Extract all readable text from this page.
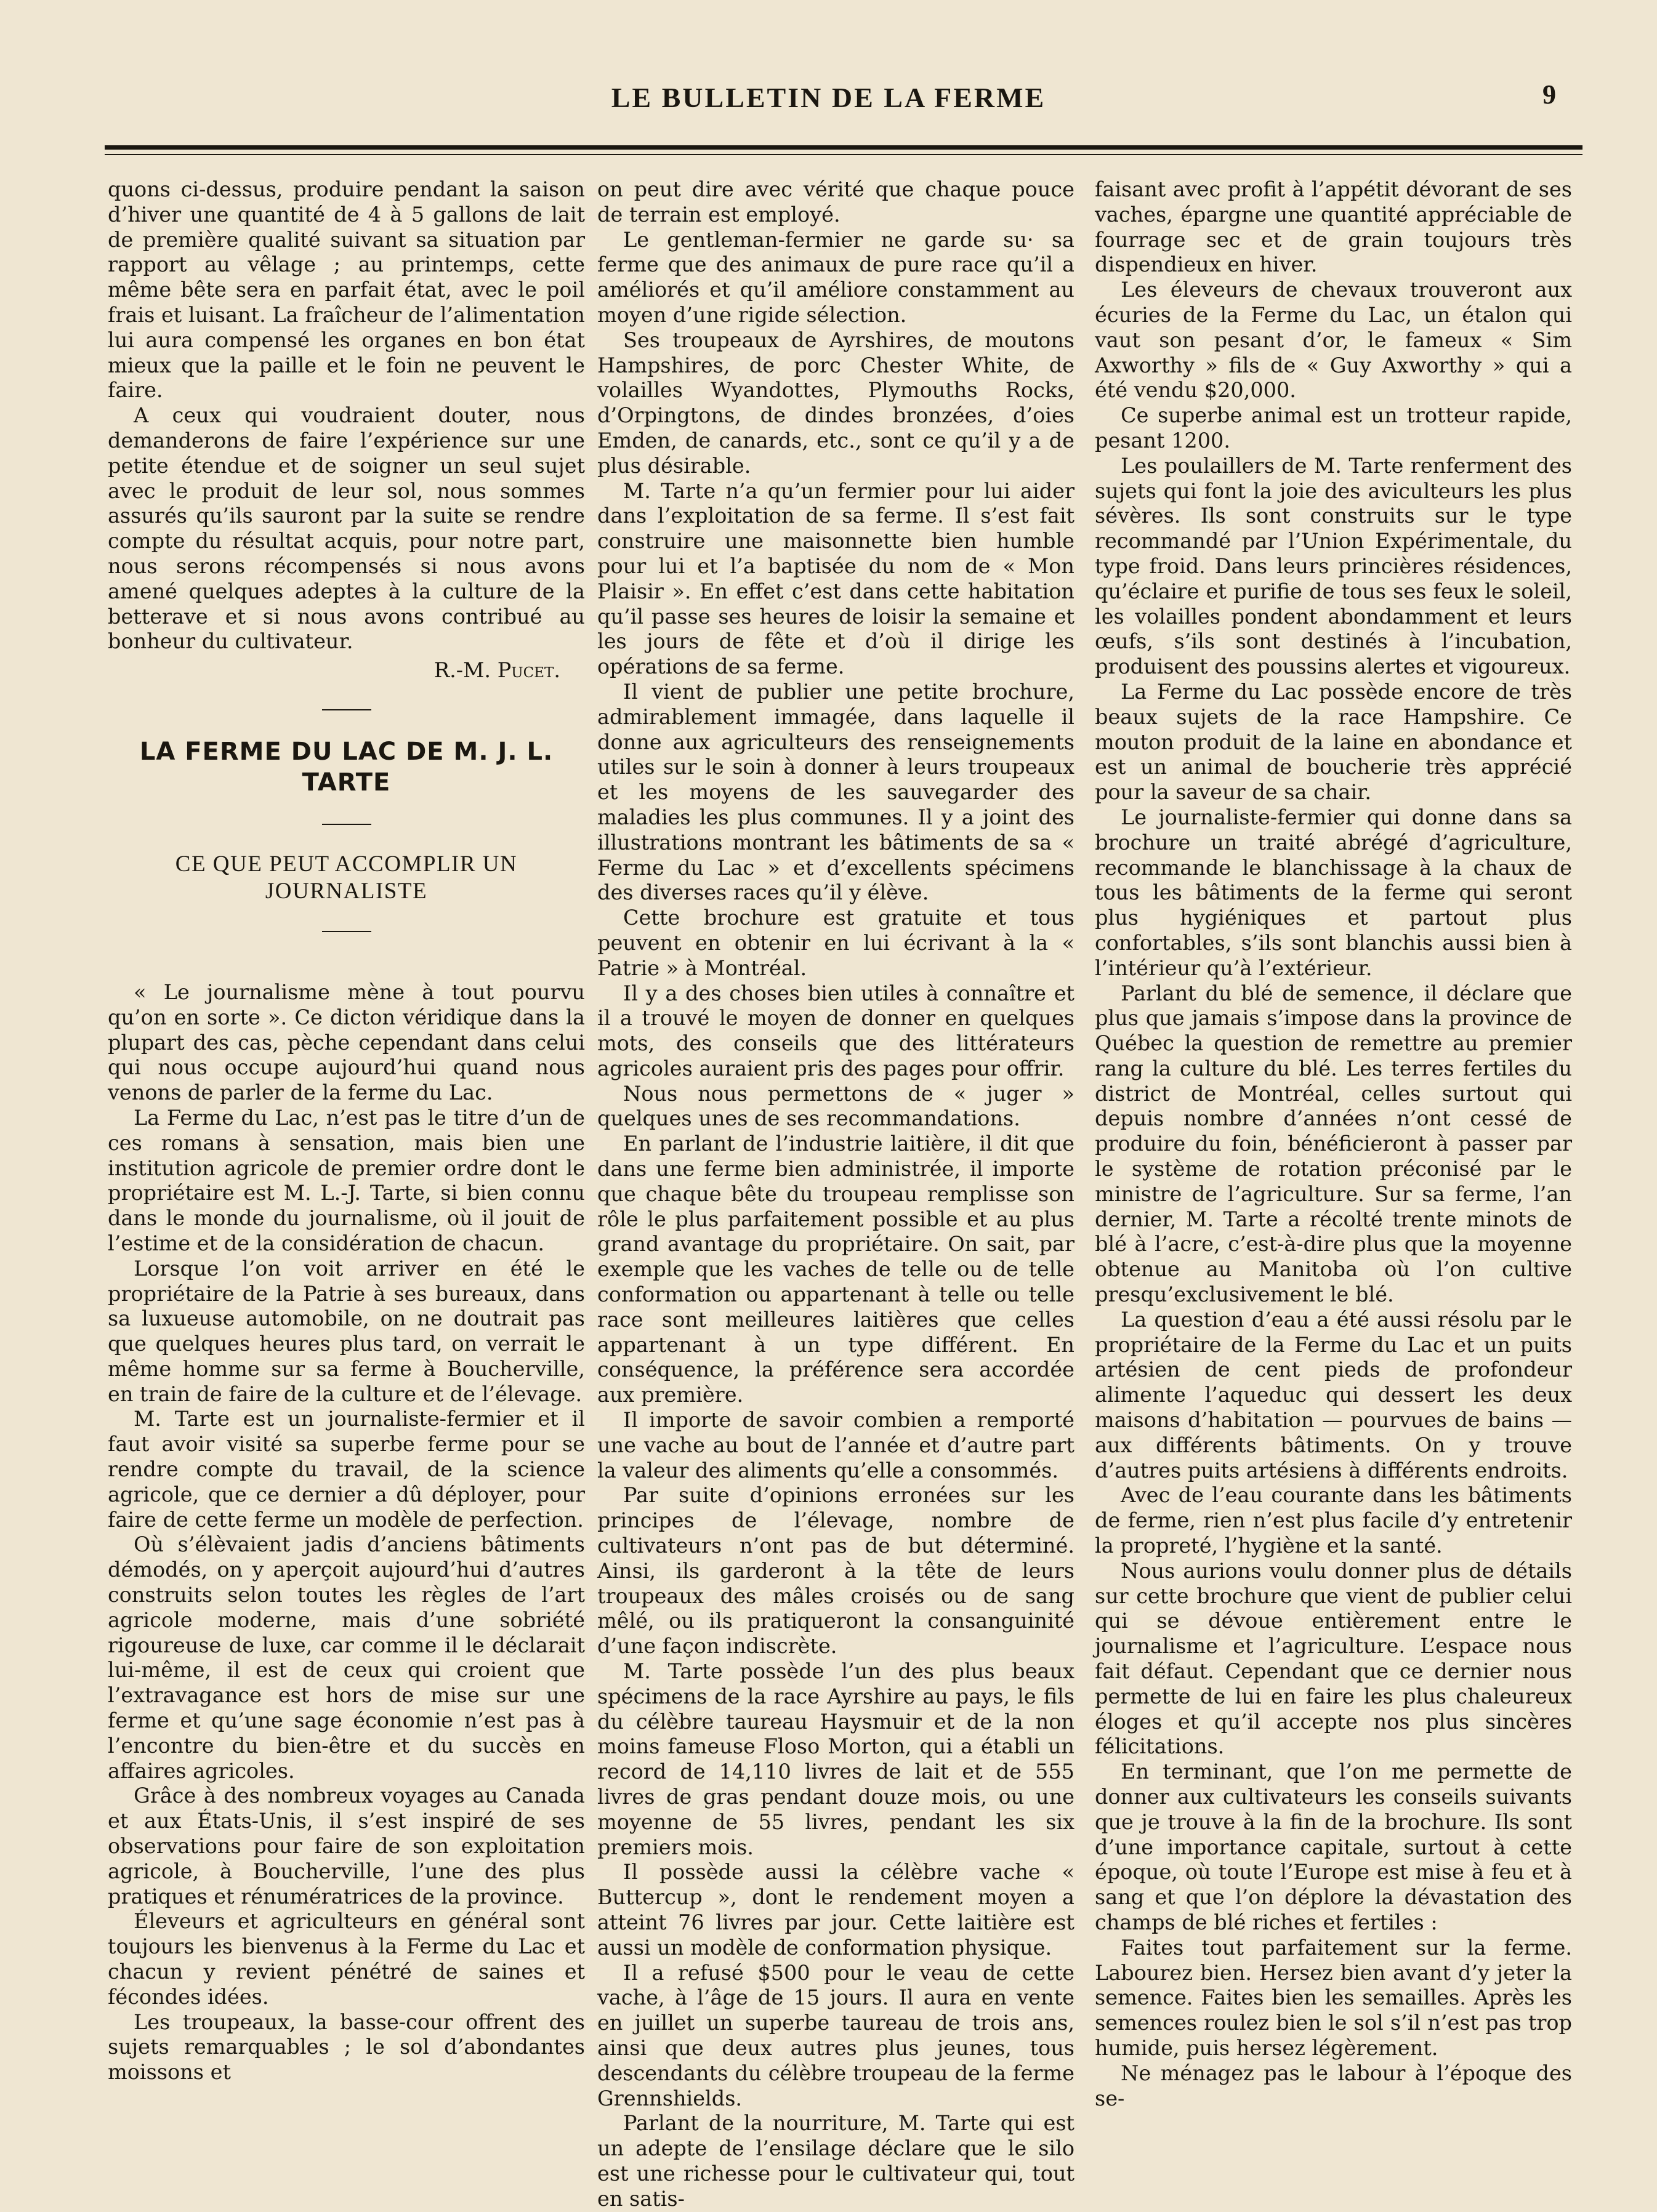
LE BULLETIN DE LA FERME	9

quons ci-dessus, produire pendant la saison d’hiver une quantité de 4 à 5 gallons de lait de première qualité suivant sa situation par rapport au vêlage ; au printemps, cette même bête sera en parfait état, avec le poil frais et luisant. La fraîcheur de l’alimentation lui aura compensé les organes en bon état mieux que la paille et le foin ne peuvent le faire.

A ceux qui voudraient douter, nous demanderons de faire l’expérience sur une petite étendue et de soigner un seul sujet avec le produit de leur sol, nous sommes assurés qu’ils sauront par la suite se rendre compte du résultat acquis, pour notre part, nous serons récompensés si nous avons amené quelques adeptes à la culture de la betterave et si nous avons contribué au bonheur du cultivateur.

R.-M. Pucet.
LA FERME DU LAC DE M. J. L. TARTE
CE QUE PEUT ACCOMPLIR UN JOURNALISTE

« Le journalisme mène à tout pourvu qu’on en sorte ». Ce dicton véridique dans la plupart des cas, pèche cependant dans celui qui nous occupe aujourd’hui quand nous venons de parler de la ferme du Lac.

La Ferme du Lac, n’est pas le titre d’un de ces romans à sensation, mais bien une institution agricole de premier ordre dont le propriétaire est M. L.-J. Tarte, si bien connu dans le monde du journalisme, où il jouit de l’estime et de la considération de chacun.

Lorsque l’on voit arriver en été le propriétaire de la Patrie à ses bureaux, dans sa luxueuse automobile, on ne doutrait pas que quelques heures plus tard, on verrait le même homme sur sa ferme à Boucherville, en train de faire de la culture et de l’élevage.

M. Tarte est un journaliste-fermier et il faut avoir visité sa superbe ferme pour se rendre compte du travail, de la science agricole, que ce dernier a dû déployer, pour faire de cette ferme un modèle de perfection.

Où s’élèvaient jadis d’anciens bâtiments démodés, on y aperçoit aujourd’hui d’autres construits selon toutes les règles de l’art agricole moderne, mais d’une sobriété rigoureuse de luxe, car comme il le déclarait lui-même, il est de ceux qui croient que l’extravagance est hors de mise sur une ferme et qu’une sage économie n’est pas à l’encontre du bien-être et du succès en affaires agricoles.

Grâce à des nombreux voyages au Canada et aux États-Unis, il s’est inspiré de ses observations pour faire de son exploitation agricole, à Boucherville, l’une des plus pratiques et rénumératrices de la province.

Éleveurs et agriculteurs en général sont toujours les bienvenus à la Ferme du Lac et chacun y revient pénétré de saines et fécondes idées.

Les troupeaux, la basse-cour offrent des sujets remarquables ; le sol d’abondantes moissons et

on peut dire avec vérité que chaque pouce de terrain est employé.

Le gentleman-fermier ne garde su· sa ferme que des animaux de pure race qu’il a améliorés et qu’il améliore constamment au moyen d’une rigide sélection.

Ses troupeaux de Ayrshires, de moutons Hampshires, de porc Chester White, de volailles Wyandottes, Plymouths Rocks, d’Orpingtons, de dindes bronzées, d’oies Emden, de canards, etc., sont ce qu’il y a de plus désirable.

M. Tarte n’a qu’un fermier pour lui aider dans l’exploitation de sa ferme. Il s’est fait construire une maisonnette bien humble pour lui et l’a baptisée du nom de « Mon Plaisir ». En effet c’est dans cette habitation qu’il passe ses heures de loisir la semaine et les jours de fête et d’où il dirige les opérations de sa ferme.

Il vient de publier une petite brochure, admirablement immagée, dans laquelle il donne aux agriculteurs des renseignements utiles sur le soin à donner à leurs troupeaux et les moyens de les sauvegarder des maladies les plus communes. Il y a joint des illustrations montrant les bâtiments de sa « Ferme du Lac » et d’excellents spécimens des diverses races qu’il y élève.

Cette brochure est gratuite et tous peuvent en obtenir en lui écrivant à la « Patrie » à Montréal.

Il y a des choses bien utiles à connaître et il a trouvé le moyen de donner en quelques mots, des conseils que des littérateurs agricoles auraient pris des pages pour offrir.

Nous nous permettons de « juger » quelques unes de ses recommandations.

En parlant de l’industrie laitière, il dit que dans une ferme bien administrée, il importe que chaque bête du troupeau remplisse son rôle le plus parfaitement possible et au plus grand avantage du propriétaire. On sait, par exemple que les vaches de telle ou de telle conformation ou appartenant à telle ou telle race sont meilleures laitières que celles appartenant à un type différent. En conséquence, la préférence sera accordée aux première.

Il importe de savoir combien a remporté une vache au bout de l’année et d’autre part la valeur des aliments qu’elle a consommés.

Par suite d’opinions erronées sur les principes de l’élevage, nombre de cultivateurs n’ont pas de but déterminé. Ainsi, ils garderont à la tête de leurs troupeaux des mâles croisés ou de sang mêlé, ou ils pratiqueront la consanguinité d’une façon indiscrète.

M. Tarte possède l’un des plus beaux spécimens de la race Ayrshire au pays, le fils du célèbre taureau Haysmuir et de la non moins fameuse Floso Morton, qui a établi un record de 14,110 livres de lait et de 555 livres de gras pendant douze mois, ou une moyenne de 55 livres, pendant les six premiers mois.

Il possède aussi la célèbre vache « Buttercup », dont le rendement moyen a atteint 76 livres par jour. Cette laitière est aussi un modèle de conformation physique.

Il a refusé $500 pour le veau de cette vache, à l’âge de 15 jours. Il aura en vente en juillet un superbe taureau de trois ans, ainsi que deux autres plus jeunes, tous descendants du célèbre troupeau de la ferme Grennshields.

Parlant de la nourriture, M. Tarte qui est un adepte de l’ensilage déclare que le silo est une richesse pour le cultivateur qui, tout en satis-

faisant avec profit à l’appétit dévorant de ses vaches, épargne une quantité appréciable de fourrage sec et de grain toujours très dispendieux en hiver.

Les éleveurs de chevaux trouveront aux écuries de la Ferme du Lac, un étalon qui vaut son pesant d’or, le fameux « Sim Axworthy » fils de « Guy Axworthy » qui a été vendu $20,000.

Ce superbe animal est un trotteur rapide, pesant 1200.

Les poulaillers de M. Tarte renferment des sujets qui font la joie des aviculteurs les plus sévères. Ils sont construits sur le type recommandé par l’Union Expérimentale, du type froid. Dans leurs princières résidences, qu’éclaire et purifie de tous ses feux le soleil, les volailles pondent abondamment et leurs œufs, s’ils sont destinés à l’incubation, produisent des poussins alertes et vigoureux.

La Ferme du Lac possède encore de très beaux sujets de la race Hampshire. Ce mouton produit de la laine en abondance et est un animal de boucherie très apprécié pour la saveur de sa chair.

Le journaliste-fermier qui donne dans sa brochure un traité abrégé d’agriculture, recommande le blanchissage à la chaux de tous les bâtiments de la ferme qui seront plus hygiéniques et partout plus confortables, s’ils sont blanchis aussi bien à l’intérieur qu’à l’extérieur.

Parlant du blé de semence, il déclare que plus que jamais s’impose dans la province de Québec la question de remettre au premier rang la culture du blé. Les terres fertiles du district de Montréal, celles surtout qui depuis nombre d’années n’ont cessé de produire du foin, bénéficieront à passer par le système de rotation préconisé par le ministre de l’agriculture. Sur sa ferme, l’an dernier, M. Tarte a récolté trente minots de blé à l’acre, c’est-à-dire plus que la moyenne obtenue au Manitoba où l’on cultive presqu’exclusivement le blé.

La question d’eau a été aussi résolu par le propriétaire de la Ferme du Lac et un puits artésien de cent pieds de profondeur alimente l’aqueduc qui dessert les deux maisons d’habitation — pourvues de bains — aux différents bâtiments. On y trouve d’autres puits artésiens à différents endroits.

Avec de l’eau courante dans les bâtiments de ferme, rien n’est plus facile d’y entretenir la propreté, l’hygiène et la santé.

Nous aurions voulu donner plus de détails sur cette brochure que vient de publier celui qui se dévoue entièrement entre le journalisme et l’agriculture. L’espace nous fait défaut. Cependant que ce dernier nous permette de lui en faire les plus chaleureux éloges et qu’il accepte nos plus sincères félicitations.

En terminant, que l’on me permette de donner aux cultivateurs les conseils suivants que je trouve à la fin de la brochure. Ils sont d’une importance capitale, surtout à cette époque, où toute l’Europe est mise à feu et à sang et que l’on déplore la dévastation des champs de blé riches et fertiles :

Faites tout parfaitement sur la ferme. Labourez bien. Hersez bien avant d’y jeter la semence. Faites bien les semailles. Après les semences roulez bien le sol s’il n’est pas trop humide, puis hersez légèrement.

Ne ménagez pas le labour à l’époque des se-
